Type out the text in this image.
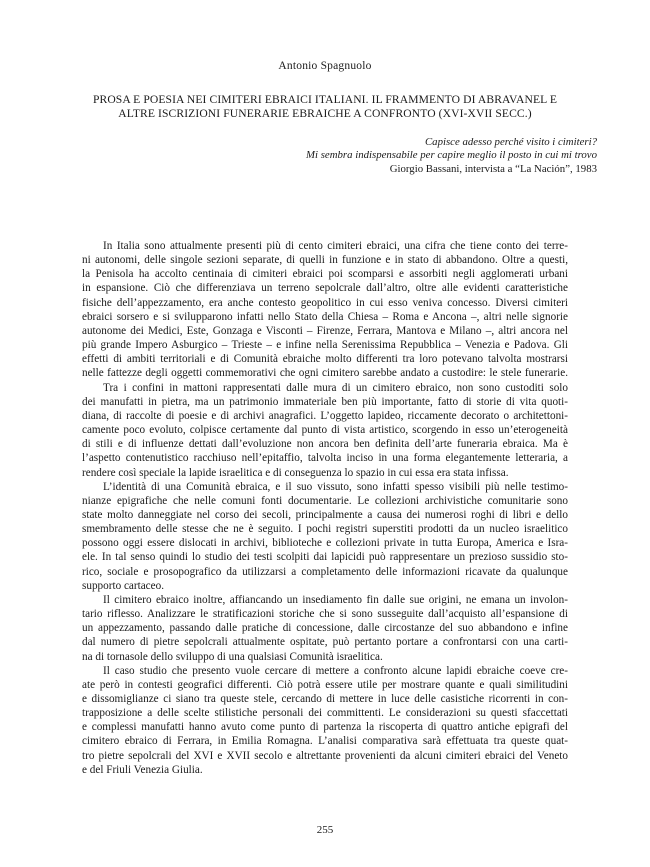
Antonio Spagnuolo
PROSA E POESIA NEI CIMITERI EBRAICI ITALIANI. IL FRAMMENTO DI ABRAVANEL E
ALTRE ISCRIZIONI FUNERARIE EBRAICHE A CONFRONTO (XVI-XVII SECC.)
Capisce adesso perché visito i cimiteri?
Mi sembra indispensabile per capire meglio il posto in cui mi trovo
Giorgio Bassani, intervista a “La Nación”, 1983
In Italia sono attualmente presenti più di cento cimiteri ebraici, una cifra che tiene conto dei terre-
ni autonomi, delle singole sezioni separate, di quelli in funzione e in stato di abbandono. Oltre a questi,
la Penisola ha accolto centinaia di cimiteri ebraici poi scomparsi e assorbiti negli agglomerati urbani
in espansione. Ciò che differenziava un terreno sepolcrale dall’altro, oltre alle evidenti caratteristiche
fisiche dell’appezzamento, era anche contesto geopolitico in cui esso veniva concesso. Diversi cimiteri
ebraici sorsero e si svilupparono infatti nello Stato della Chiesa – Roma e Ancona –, altri nelle signorie
autonome dei Medici, Este, Gonzaga e Visconti – Firenze, Ferrara, Mantova e Milano –, altri ancora nel
più grande Impero Asburgico – Trieste – e infine nella Serenissima Repubblica – Venezia e Padova. Gli
effetti di ambiti territoriali e di Comunità ebraiche molto differenti tra loro potevano talvolta mostrarsi
nelle fattezze degli oggetti commemorativi che ogni cimitero sarebbe andato a custodire: le stele funerarie.
Tra i confini in mattoni rappresentati dalle mura di un cimitero ebraico, non sono custoditi solo
dei manufatti in pietra, ma un patrimonio immateriale ben più importante, fatto di storie di vita quoti-
diana, di raccolte di poesie e di archivi anagrafici. L’oggetto lapideo, riccamente decorato o architettoni-
camente poco evoluto, colpisce certamente dal punto di vista artistico, scorgendo in esso un’eterogeneità
di stili e di influenze dettati dall’evoluzione non ancora ben definita dell’arte funeraria ebraica. Ma è
l’aspetto contenutistico racchiuso nell’epitaffio, talvolta inciso in una forma elegantemente letteraria, a
rendere così speciale la lapide israelitica e di conseguenza lo spazio in cui essa era stata infissa.
L’identità di una Comunità ebraica, e il suo vissuto, sono infatti spesso visibili più nelle testimo-
nianze epigrafiche che nelle comuni fonti documentarie. Le collezioni archivistiche comunitarie sono
state molto danneggiate nel corso dei secoli, principalmente a causa dei numerosi roghi di libri e dello
smembramento delle stesse che ne è seguito. I pochi registri superstiti prodotti da un nucleo israelitico
possono oggi essere dislocati in archivi, biblioteche e collezioni private in tutta Europa, America e Isra-
ele. In tal senso quindi lo studio dei testi scolpiti dai lapicidi può rappresentare un prezioso sussidio sto-
rico, sociale e prosopografico da utilizzarsi a completamento delle informazioni ricavate da qualunque
supporto cartaceo.
Il cimitero ebraico inoltre, affiancando un insediamento fin dalle sue origini, ne emana un involon-
tario riflesso. Analizzare le stratificazioni storiche che si sono susseguite dall’acquisto all’espansione di
un appezzamento, passando dalle pratiche di concessione, dalle circostanze del suo abbandono e infine
dal numero di pietre sepolcrali attualmente ospitate, può pertanto portare a confrontarsi con una carti-
na di tornasole dello sviluppo di una qualsiasi Comunità israelitica.
Il caso studio che presento vuole cercare di mettere a confronto alcune lapidi ebraiche coeve cre-
ate però in contesti geografici differenti. Ciò potrà essere utile per mostrare quante e quali similitudini
e dissomiglianze ci siano tra queste stele, cercando di mettere in luce delle casistiche ricorrenti in con-
trapposizione a delle scelte stilistiche personali dei committenti. Le considerazioni su questi sfaccettati
e complessi manufatti hanno avuto come punto di partenza la riscoperta di quattro antiche epigrafi del
cimitero ebraico di Ferrara, in Emilia Romagna. L’analisi comparativa sarà effettuata tra queste quat-
tro pietre sepolcrali del XVI e XVII secolo e altrettante provenienti da alcuni cimiteri ebraici del Veneto
e del Friuli Venezia Giulia.
255
